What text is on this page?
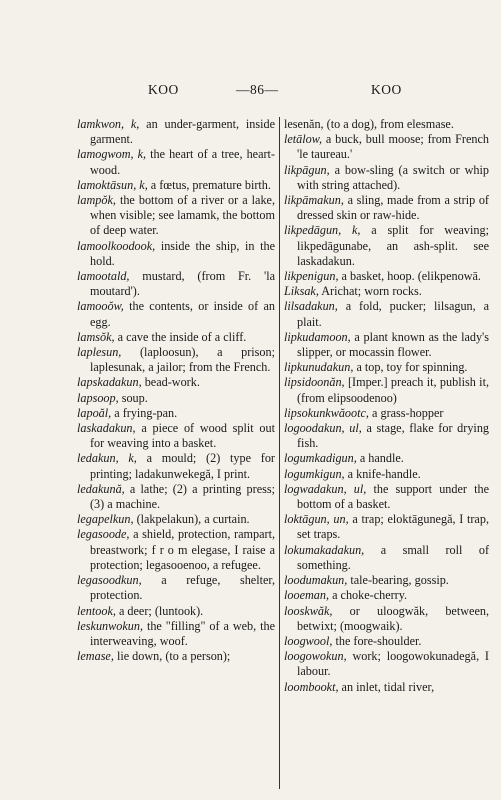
KOO	—86—	KOO

lamkwon, k, an under-garment, inside garment.

lamogwom, k, the heart of a tree, heart-wood.

lamoktāsun, k, a fœtus, premature birth.

lampŏk, the bottom of a river or a lake, when visible; see lamamk, the bottom of deep water.

lamoolkoodook, inside the ship, in the hold.

lamootald, mustard, (from Fr. 'la moutard').

lamooŏw, the contents, or inside of an egg.

lamsŏk, a cave the inside of a cliff.

laplesun, (laploosun), a prison; laplesunak, a jailor; from the French.

lapskadakun, bead-work.

lapsoop, soup.

lapoăl, a frying-pan.

laskadakun, a piece of wood split out for weaving into a basket.

ledakun, k, a mould; (2) type for printing; ladakunwekegă, I print.

ledakună, a lathe; (2) a printing press; (3) a machine.

legapelkun, (lakpelakun), a curtain.

legasoode, a shield, protection, rampart, breastwork; f r o m elegase, I raise a protection; legasooenoo, a refugee.

legasoodkun, a refuge, shelter, protection.

lentook, a deer; (luntook).

leskunwokun, the "filling" of a web, the interweaving, woof.

lemase, lie down, (to a person);

lesenăn, (to a dog), from elesmase.

letālow, a buck, bull moose; from French 'le taureau.'

likpāgun, a bow-sling (a switch or whip with string attached).

likpāmakun, a sling, made from a strip of dressed skin or raw-hide.

likpedāgun, k, a split for weaving; likpedāgunabe, an ash-split. see laskadakun.

likpenigun, a basket, hoop. (elikpenowā.

Liksak, Arichat; worn rocks.

lilsadakun, a fold, pucker; lilsagun, a plait.

lipkudamoon, a plant known as the lady's slipper, or mocassin flower.

lipkunudakun, a top, toy for spinning.

lipsidoonăn, [Imper.] preach it, publish it, (from elipsoodenoo)

lipsokunkwăootc, a grass-hopper

logoodakun, ul, a stage, flake for drying fish.

logumkadigun, a handle.

logumkigun, a knife-handle.

logwadakun, ul, the support under the bottom of a basket.

loktāgun, un, a trap; eloktāgunegă, I trap, set traps.

lokumakadakun, a small roll of something.

loodumakun, tale-bearing, gossip.

looeman, a choke-cherry.

looskwăk, or uloogwăk, between, betwixt; (moogwaik).

loogwool, the fore-shoulder.

loogowokun, work; loogowokunadegă, I labour.

loombookt, an inlet, tidal river,
